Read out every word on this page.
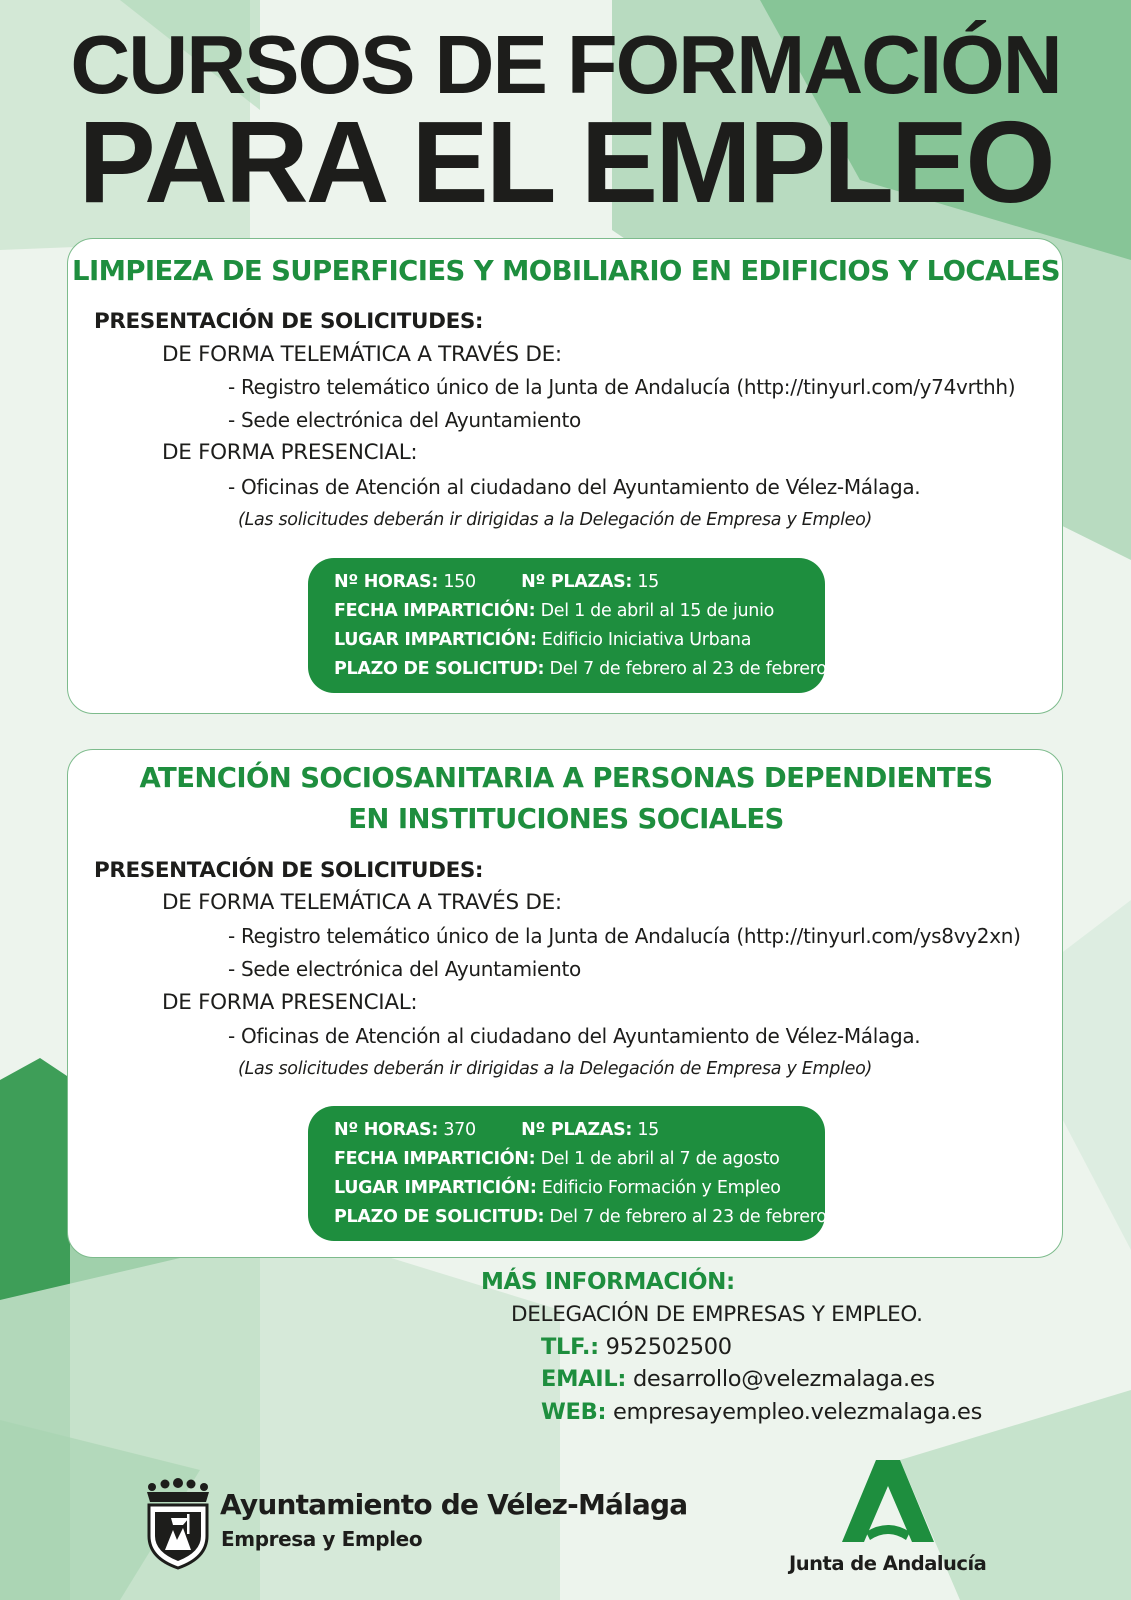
CURSOS DE FORMACIÓN
PARA EL EMPLEO
LIMPIEZA DE SUPERFICIES Y MOBILIARIO EN EDIFICIOS Y LOCALES
PRESENTACIÓN DE SOLICITUDES:
DE FORMA TELEMÁTICA A TRAVÉS DE:
- Registro telemático único de la Junta de Andalucía (http://tinyurl.com/y74vrthh)
- Sede electrónica del Ayuntamiento
DE FORMA PRESENCIAL:
- Oficinas de Atención al ciudadano del Ayuntamiento de Vélez-Málaga.
(Las solicitudes deberán ir dirigidas a la Delegación de Empresa y Empleo)
Nº HORAS: 150	Nº PLAZAS: 15
FECHA IMPARTICIÓN: Del 1 de abril al 15 de junio
LUGAR IMPARTICIÓN: Edificio Iniciativa Urbana
PLAZO DE SOLICITUD: Del 7 de febrero al 23 de febrero
ATENCIÓN SOCIOSANITARIA A PERSONAS DEPENDIENTES
EN INSTITUCIONES SOCIALES
PRESENTACIÓN DE SOLICITUDES:
DE FORMA TELEMÁTICA A TRAVÉS DE:
- Registro telemático único de la Junta de Andalucía (http://tinyurl.com/ys8vy2xn)
- Sede electrónica del Ayuntamiento
DE FORMA PRESENCIAL:
- Oficinas de Atención al ciudadano del Ayuntamiento de Vélez-Málaga.
(Las solicitudes deberán ir dirigidas a la Delegación de Empresa y Empleo)
Nº HORAS: 370	Nº PLAZAS: 15
FECHA IMPARTICIÓN: Del 1 de abril al 7 de agosto
LUGAR IMPARTICIÓN: Edificio Formación y Empleo
PLAZO DE SOLICITUD: Del 7 de febrero al 23 de febrero
MÁS INFORMACIÓN:
DELEGACIÓN DE EMPRESAS Y EMPLEO.
TLF.: 952502500
EMAIL: desarrollo@velezmalaga.es
WEB: empresayempleo.velezmalaga.es
Ayuntamiento de Vélez-Málaga
Empresa y Empleo
Junta de Andalucía
